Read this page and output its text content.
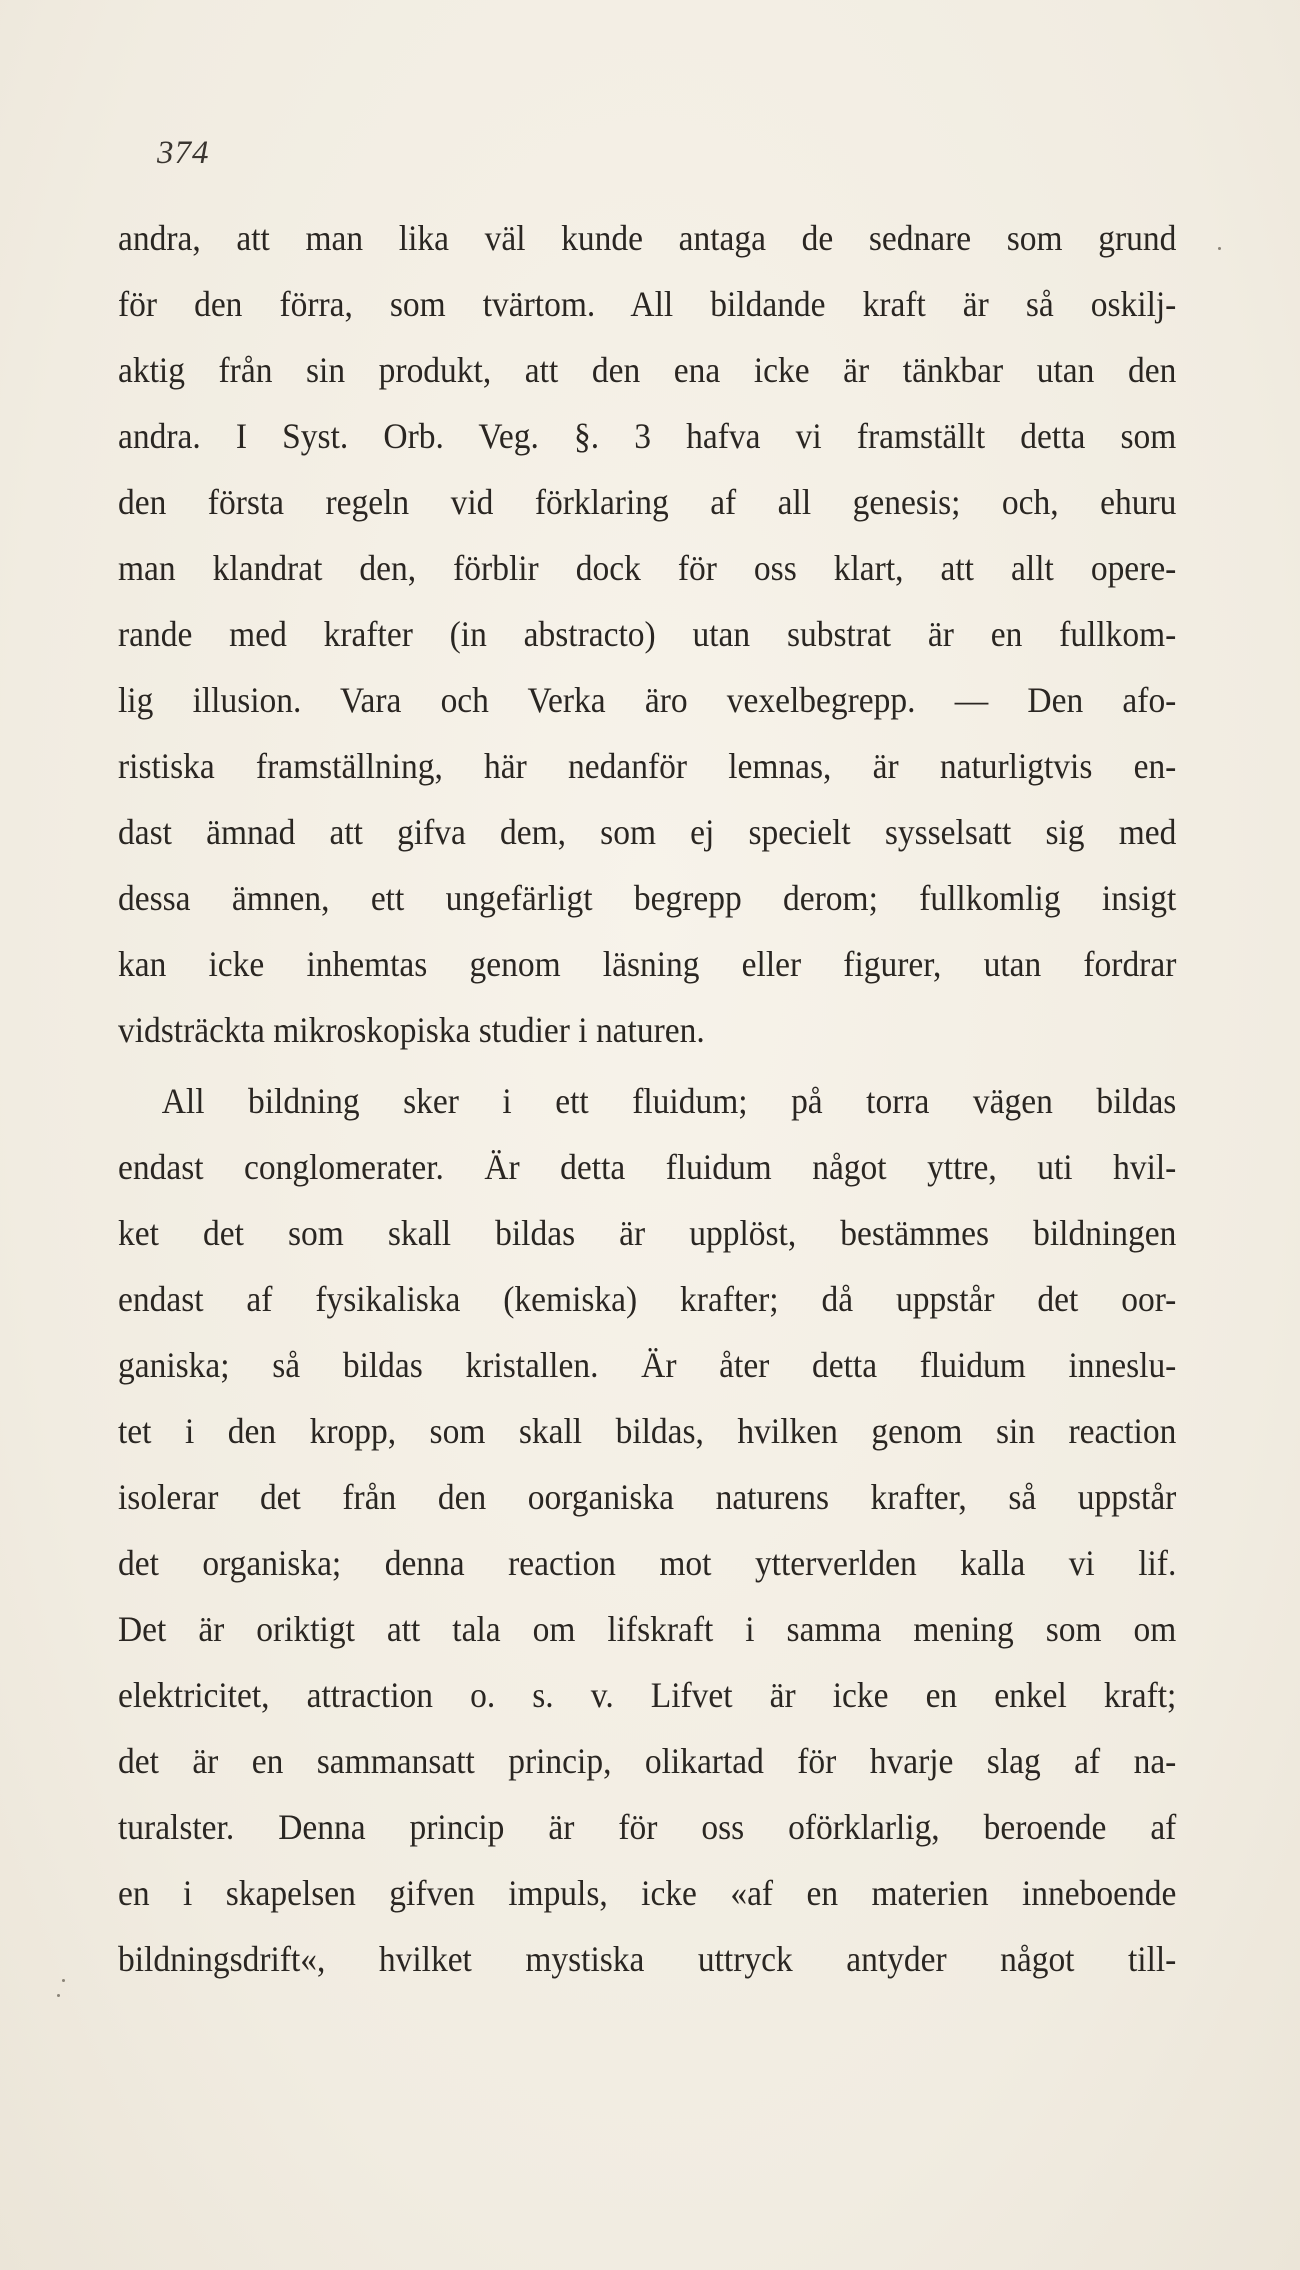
374
andra, att man lika väl kunde antaga de sednare som grund
för den förra, som tvärtom. All bildande kraft är så oskilj-
aktig från sin produkt, att den ena icke är tänkbar utan den
andra. I Syst. Orb. Veg. §. 3 hafva vi framställt detta som
den första regeln vid förklaring af all genesis; och, ehuru
man klandrat den, förblir dock för oss klart, att allt opere-
rande med krafter (in abstracto) utan substrat är en fullkom-
lig illusion. Vara och Verka äro vexelbegrepp. — Den afo-
ristiska framställning, här nedanför lemnas, är naturligtvis en-
dast ämnad att gifva dem, som ej specielt sysselsatt sig med
dessa ämnen, ett ungefärligt begrepp derom; fullkomlig insigt
kan icke inhemtas genom läsning eller figurer, utan fordrar
vidsträckta mikroskopiska studier i naturen.
All bildning sker i ett fluidum; på torra vägen bildas
endast conglomerater. Är detta fluidum något yttre, uti hvil-
ket det som skall bildas är upplöst, bestämmes bildningen
endast af fysikaliska (kemiska) krafter; då uppstår det oor-
ganiska; så bildas kristallen. Är åter detta fluidum inneslu-
tet i den kropp, som skall bildas, hvilken genom sin reaction
isolerar det från den oorganiska naturens krafter, så uppstår
det organiska; denna reaction mot ytterverlden kalla vi lif.
Det är oriktigt att tala om lifskraft i samma mening som om
elektricitet, attraction o. s. v. Lifvet är icke en enkel kraft;
det är en sammansatt princip, olikartad för hvarje slag af na-
turalster. Denna princip är för oss oförklarlig, beroende af
en i skapelsen gifven impuls, icke «af en materien inneboende
bildningsdrift«, hvilket mystiska uttryck antyder något till-
